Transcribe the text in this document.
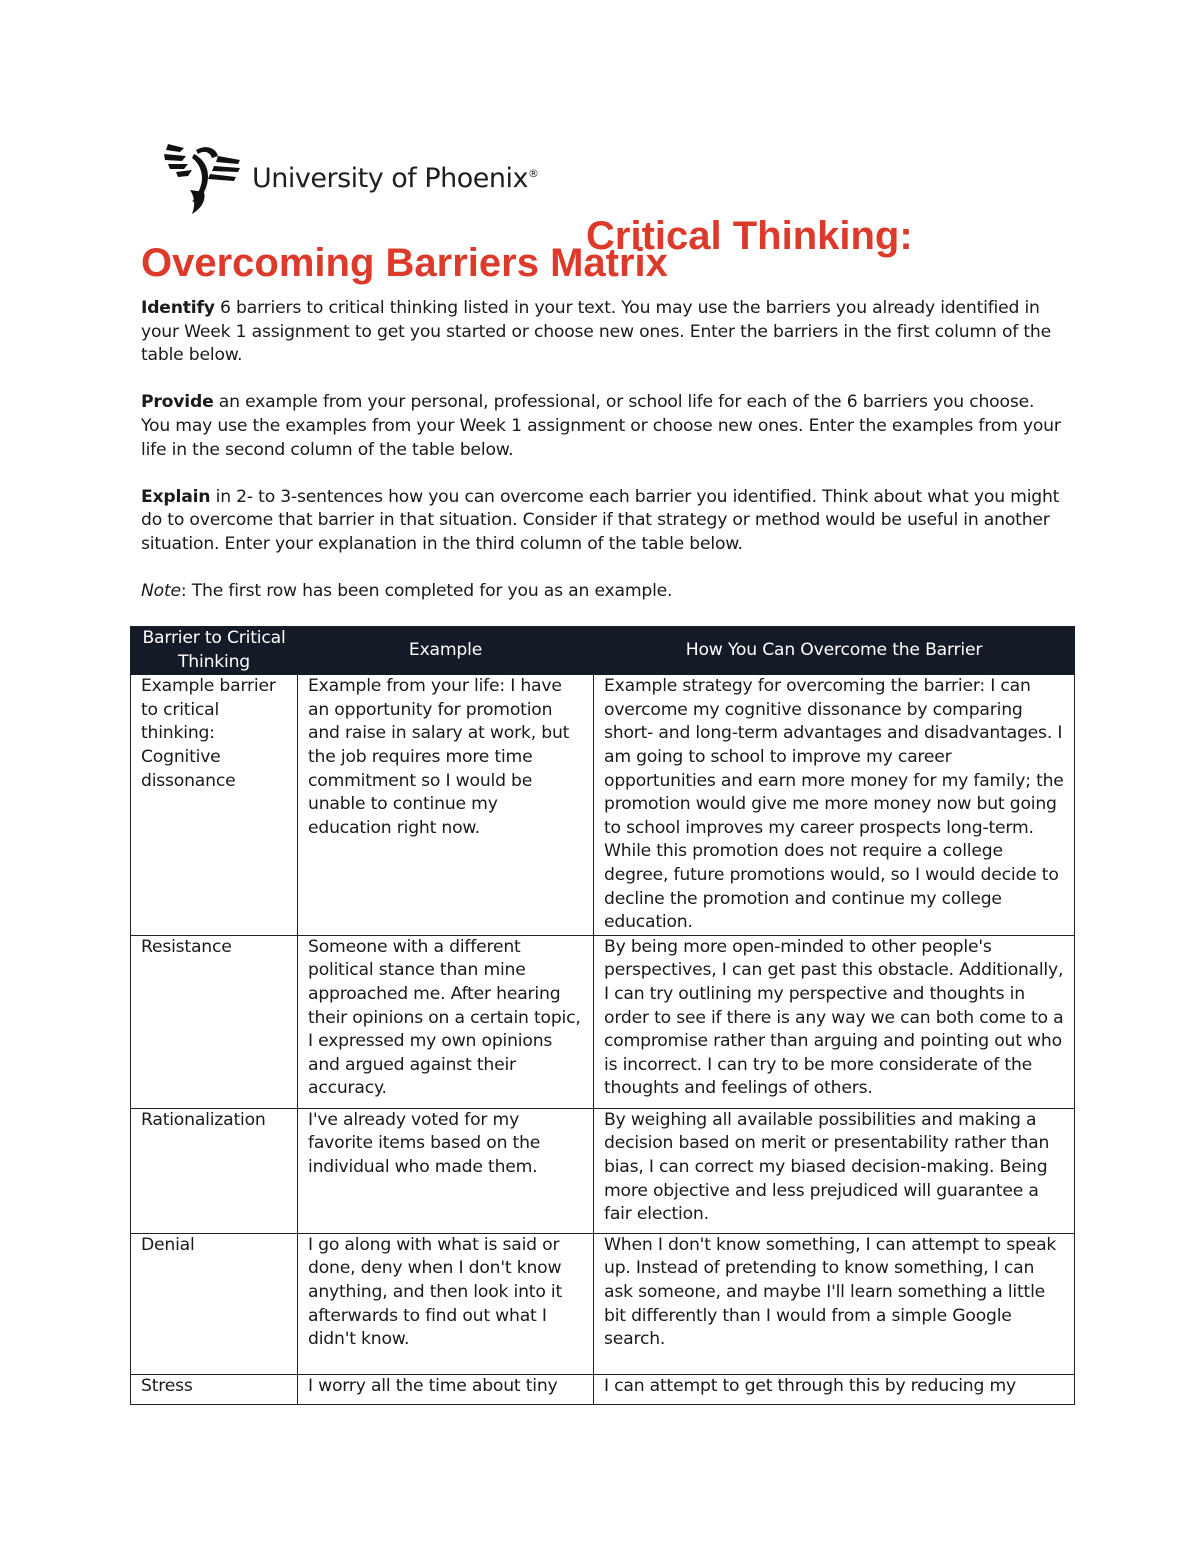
University of Phoenix®
Critical Thinking:
Overcoming Barriers Matrix

Identify 6 barriers to critical thinking listed in your text. You may use the barriers you already identified in your Week 1 assignment to get you started or choose new ones. Enter the barriers in the first column of the table below.

Provide an example from your personal, professional, or school life for each of the 6 barriers you choose. You may use the examples from your Week 1 assignment or choose new ones. Enter the examples from your life in the second column of the table below.

Explain in 2- to 3-sentences how you can overcome each barrier you identified. Think about what you might do to overcome that barrier in that situation. Consider if that strategy or method would be useful in another situation. Enter your explanation in the third column of the table below.

Note: The first row has been completed for you as an example.

Barrier to Critical Thinking	Example	How You Can Overcome the Barrier
Example barrier to critical thinking: Cognitive dissonance	Example from your life: I have an opportunity for promotion and raise in salary at work, but the job requires more time commitment so I would be unable to continue my education right now.	Example strategy for overcoming the barrier: I can overcome my cognitive dissonance by comparing short- and long-term advantages and disadvantages. I am going to school to improve my career opportunities and earn more money for my family; the promotion would give me more money now but going to school improves my career prospects long-term. While this promotion does not require a college degree, future promotions would, so I would decide to decline the promotion and continue my college education.
Resistance	Someone with a different political stance than mine approached me. After hearing their opinions on a certain topic, I expressed my own opinions and argued against their accuracy.	By being more open-minded to other people's perspectives, I can get past this obstacle. Additionally, I can try outlining my perspective and thoughts in order to see if there is any way we can both come to a compromise rather than arguing and pointing out who is incorrect. I can try to be more considerate of the thoughts and feelings of others.
Rationalization	I've already voted for my favorite items based on the individual who made them.	By weighing all available possibilities and making a decision based on merit or presentability rather than bias, I can correct my biased decision-making. Being more objective and less prejudiced will guarantee a fair election.
Denial	I go along with what is said or done, deny when I don't know anything, and then look into it afterwards to find out what I didn't know.	When I don't know something, I can attempt to speak up. Instead of pretending to know something, I can ask someone, and maybe I'll learn something a little bit differently than I would from a simple Google search.
Stress	I worry all the time about tiny	I can attempt to get through this by reducing my
